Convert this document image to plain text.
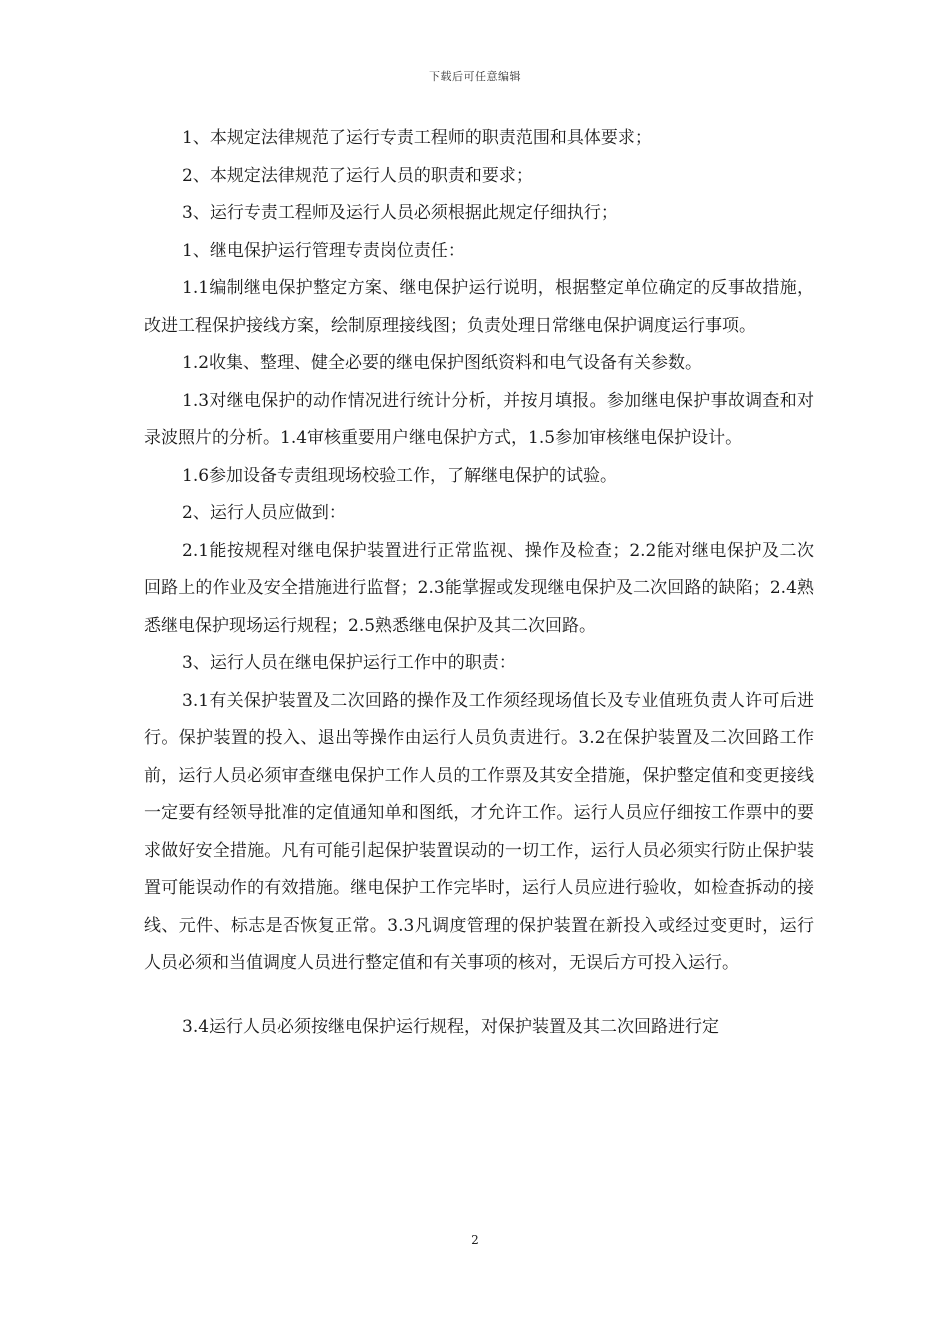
下载后可任意编辑

1、本规定法律规范了运行专责工程师的职责范围和具体要求；

2、本规定法律规范了运行人员的职责和要求；

3、运行专责工程师及运行人员必须根据此规定仔细执行；

1、继电保护运行管理专责岗位责任：

1.1编制继电保护整定方案、继电保护运行说明，根据整定单位确定的反事故措施，改进工程保护接线方案，绘制原理接线图；负责处理日常继电保护调度运行事项。

1.2收集、整理、健全必要的继电保护图纸资料和电气设备有关参数。

1.3对继电保护的动作情况进行统计分析，并按月填报。参加继电保护事故调查和对录波照片的分析。1.4审核重要用户继电保护方式，1.5参加审核继电保护设计。

1.6参加设备专责组现场校验工作，了解继电保护的试验。

2、运行人员应做到：

2.1能按规程对继电保护装置进行正常监视、操作及检查；2.2能对继电保护及二次回路上的作业及安全措施进行监督；2.3能掌握或发现继电保护及二次回路的缺陷；2.4熟悉继电保护现场运行规程；2.5熟悉继电保护及其二次回路。

3、运行人员在继电保护运行工作中的职责：

3.1有关保护装置及二次回路的操作及工作须经现场值长及专业值班负责人许可后进行。保护装置的投入、退出等操作由运行人员负责进行。3.2在保护装置及二次回路工作前，运行人员必须审查继电保护工作人员的工作票及其安全措施，保护整定值和变更接线一定要有经领导批准的定值通知单和图纸，才允许工作。运行人员应仔细按工作票中的要求做好安全措施。凡有可能引起保护装置误动的一切工作，运行人员必须实行防止保护装置可能误动作的有效措施。继电保护工作完毕时，运行人员应进行验收，如检查拆动的接线、元件、标志是否恢复正常。3.3凡调度管理的保护装置在新投入或经过变更时，运行人员必须和当值调度人员进行整定值和有关事项的核对，无误后方可投入运行。

3.4运行人员必须按继电保护运行规程，对保护装置及其二次回路进行定

2
